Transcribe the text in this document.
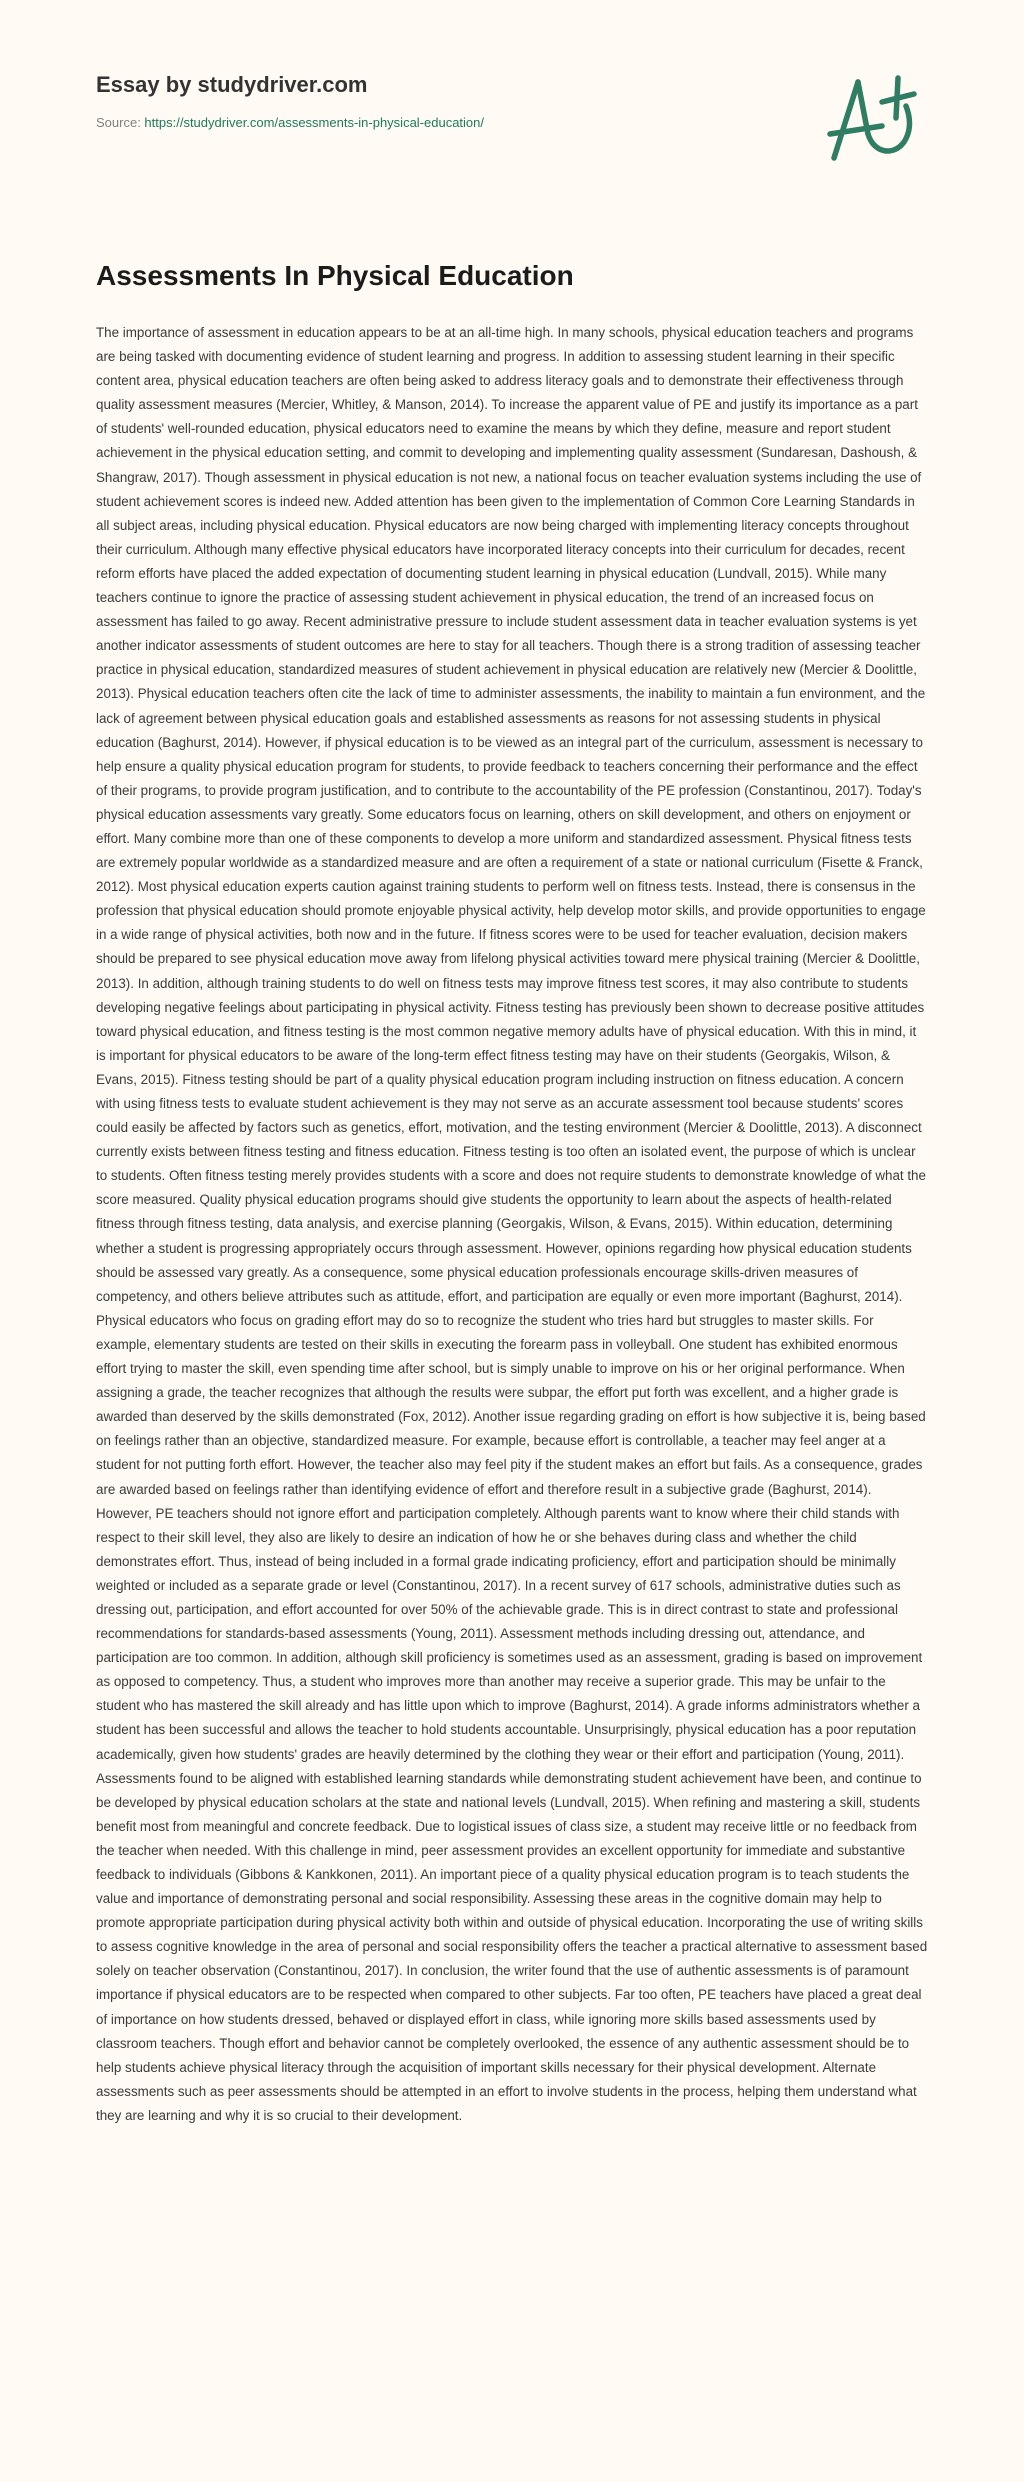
Essay by studydriver.com
Source: https://studydriver.com/assessments-in-physical-education/
Assessments In Physical Education

The importance of assessment in education appears to be at an all-time high. In many schools, physical education teachers and programs are being tasked with documenting evidence of student learning and progress. In addition to assessing student learning in their specific content area, physical education teachers are often being asked to address literacy goals and to demonstrate their effectiveness through quality assessment measures (Mercier, Whitley, & Manson, 2014). To increase the apparent value of PE and justify its importance as a part of students' well-rounded education, physical educators need to examine the means by which they define, measure and report student achievement in the physical education setting, and commit to developing and implementing quality assessment (Sundaresan, Dashoush, & Shangraw, 2017). Though assessment in physical education is not new, a national focus on teacher evaluation systems including the use of student achievement scores is indeed new. Added attention has been given to the implementation of Common Core Learning Standards in all subject areas, including physical education. Physical educators are now being charged with implementing literacy concepts throughout their curriculum. Although many effective physical educators have incorporated literacy concepts into their curriculum for decades, recent reform efforts have placed the added expectation of documenting student learning in physical education (Lundvall, 2015). While many teachers continue to ignore the practice of assessing student achievement in physical education, the trend of an increased focus on assessment has failed to go away. Recent administrative pressure to include student assessment data in teacher evaluation systems is yet another indicator assessments of student outcomes are here to stay for all teachers. Though there is a strong tradition of assessing teacher practice in physical education, standardized measures of student achievement in physical education are relatively new (Mercier & Doolittle, 2013). Physical education teachers often cite the lack of time to administer assessments, the inability to maintain a fun environment, and the lack of agreement between physical education goals and established assessments as reasons for not assessing students in physical education (Baghurst, 2014). However, if physical education is to be viewed as an integral part of the curriculum, assessment is necessary to help ensure a quality physical education program for students, to provide feedback to teachers concerning their performance and the effect of their programs, to provide program justification, and to contribute to the accountability of the PE profession (Constantinou, 2017). Today's physical education assessments vary greatly. Some educators focus on learning, others on skill development, and others on enjoyment or effort. Many combine more than one of these components to develop a more uniform and standardized assessment. Physical fitness tests are extremely popular worldwide as a standardized measure and are often a requirement of a state or national curriculum (Fisette & Franck, 2012). Most physical education experts caution against training students to perform well on fitness tests. Instead, there is consensus in the profession that physical education should promote enjoyable physical activity, help develop motor skills, and provide opportunities to engage in a wide range of physical activities, both now and in the future. If fitness scores were to be used for teacher evaluation, decision makers should be prepared to see physical education move away from lifelong physical activities toward mere physical training (Mercier & Doolittle, 2013). In addition, although training students to do well on fitness tests may improve fitness test scores, it may also contribute to students developing negative feelings about participating in physical activity. Fitness testing has previously been shown to decrease positive attitudes toward physical education, and fitness testing is the most common negative memory adults have of physical education. With this in mind, it is important for physical educators to be aware of the long-term effect fitness testing may have on their students (Georgakis, Wilson, & Evans, 2015). Fitness testing should be part of a quality physical education program including instruction on fitness education. A concern with using fitness tests to evaluate student achievement is they may not serve as an accurate assessment tool because students' scores could easily be affected by factors such as genetics, effort, motivation, and the testing environment (Mercier & Doolittle, 2013). A disconnect currently exists between fitness testing and fitness education. Fitness testing is too often an isolated event, the purpose of which is unclear to students. Often fitness testing merely provides students with a score and does not require students to demonstrate knowledge of what the score measured. Quality physical education programs should give students the opportunity to learn about the aspects of health-related fitness through fitness testing, data analysis, and exercise planning (Georgakis, Wilson, & Evans, 2015). Within education, determining whether a student is progressing appropriately occurs through assessment. However, opinions regarding how physical education students should be assessed vary greatly. As a consequence, some physical education professionals encourage skills-driven measures of competency, and others believe attributes such as attitude, effort, and participation are equally or even more important (Baghurst, 2014). Physical educators who focus on grading effort may do so to recognize the student who tries hard but struggles to master skills. For example, elementary students are tested on their skills in executing the forearm pass in volleyball. One student has exhibited enormous effort trying to master the skill, even spending time after school, but is simply unable to improve on his or her original performance. When assigning a grade, the teacher recognizes that although the results were subpar, the effort put forth was excellent, and a higher grade is awarded than deserved by the skills demonstrated (Fox, 2012). Another issue regarding grading on effort is how subjective it is, being based on feelings rather than an objective, standardized measure. For example, because effort is controllable, a teacher may feel anger at a student for not putting forth effort. However, the teacher also may feel pity if the student makes an effort but fails. As a consequence, grades are awarded based on feelings rather than identifying evidence of effort and therefore result in a subjective grade (Baghurst, 2014). However, PE teachers should not ignore effort and participation completely. Although parents want to know where their child stands with respect to their skill level, they also are likely to desire an indication of how he or she behaves during class and whether the child demonstrates effort. Thus, instead of being included in a formal grade indicating proficiency, effort and participation should be minimally weighted or included as a separate grade or level (Constantinou, 2017). In a recent survey of 617 schools, administrative duties such as dressing out, participation, and effort accounted for over 50% of the achievable grade. This is in direct contrast to state and professional recommendations for standards-based assessments (Young, 2011). Assessment methods including dressing out, attendance, and participation are too common. In addition, although skill proficiency is sometimes used as an assessment, grading is based on improvement as opposed to competency. Thus, a student who improves more than another may receive a superior grade. This may be unfair to the student who has mastered the skill already and has little upon which to improve (Baghurst, 2014). A grade informs administrators whether a student has been successful and allows the teacher to hold students accountable. Unsurprisingly, physical education has a poor reputation academically, given how students' grades are heavily determined by the clothing they wear or their effort and participation (Young, 2011). Assessments found to be aligned with established learning standards while demonstrating student achievement have been, and continue to be developed by physical education scholars at the state and national levels (Lundvall, 2015). When refining and mastering a skill, students benefit most from meaningful and concrete feedback. Due to logistical issues of class size, a student may receive little or no feedback from the teacher when needed. With this challenge in mind, peer assessment provides an excellent opportunity for immediate and substantive feedback to individuals (Gibbons & Kankkonen, 2011). An important piece of a quality physical education program is to teach students the value and importance of demonstrating personal and social responsibility. Assessing these areas in the cognitive domain may help to promote appropriate participation during physical activity both within and outside of physical education. Incorporating the use of writing skills to assess cognitive knowledge in the area of personal and social responsibility offers the teacher a practical alternative to assessment based solely on teacher observation (Constantinou, 2017). In conclusion, the writer found that the use of authentic assessments is of paramount importance if physical educators are to be respected when compared to other subjects. Far too often, PE teachers have placed a great deal of importance on how students dressed, behaved or displayed effort in class, while ignoring more skills based assessments used by classroom teachers. Though effort and behavior cannot be completely overlooked, the essence of any authentic assessment should be to help students achieve physical literacy through the acquisition of important skills necessary for their physical development. Alternate assessments such as peer assessments should be attempted in an effort to involve students in the process, helping them understand what they are learning and why it is so crucial to their development.
